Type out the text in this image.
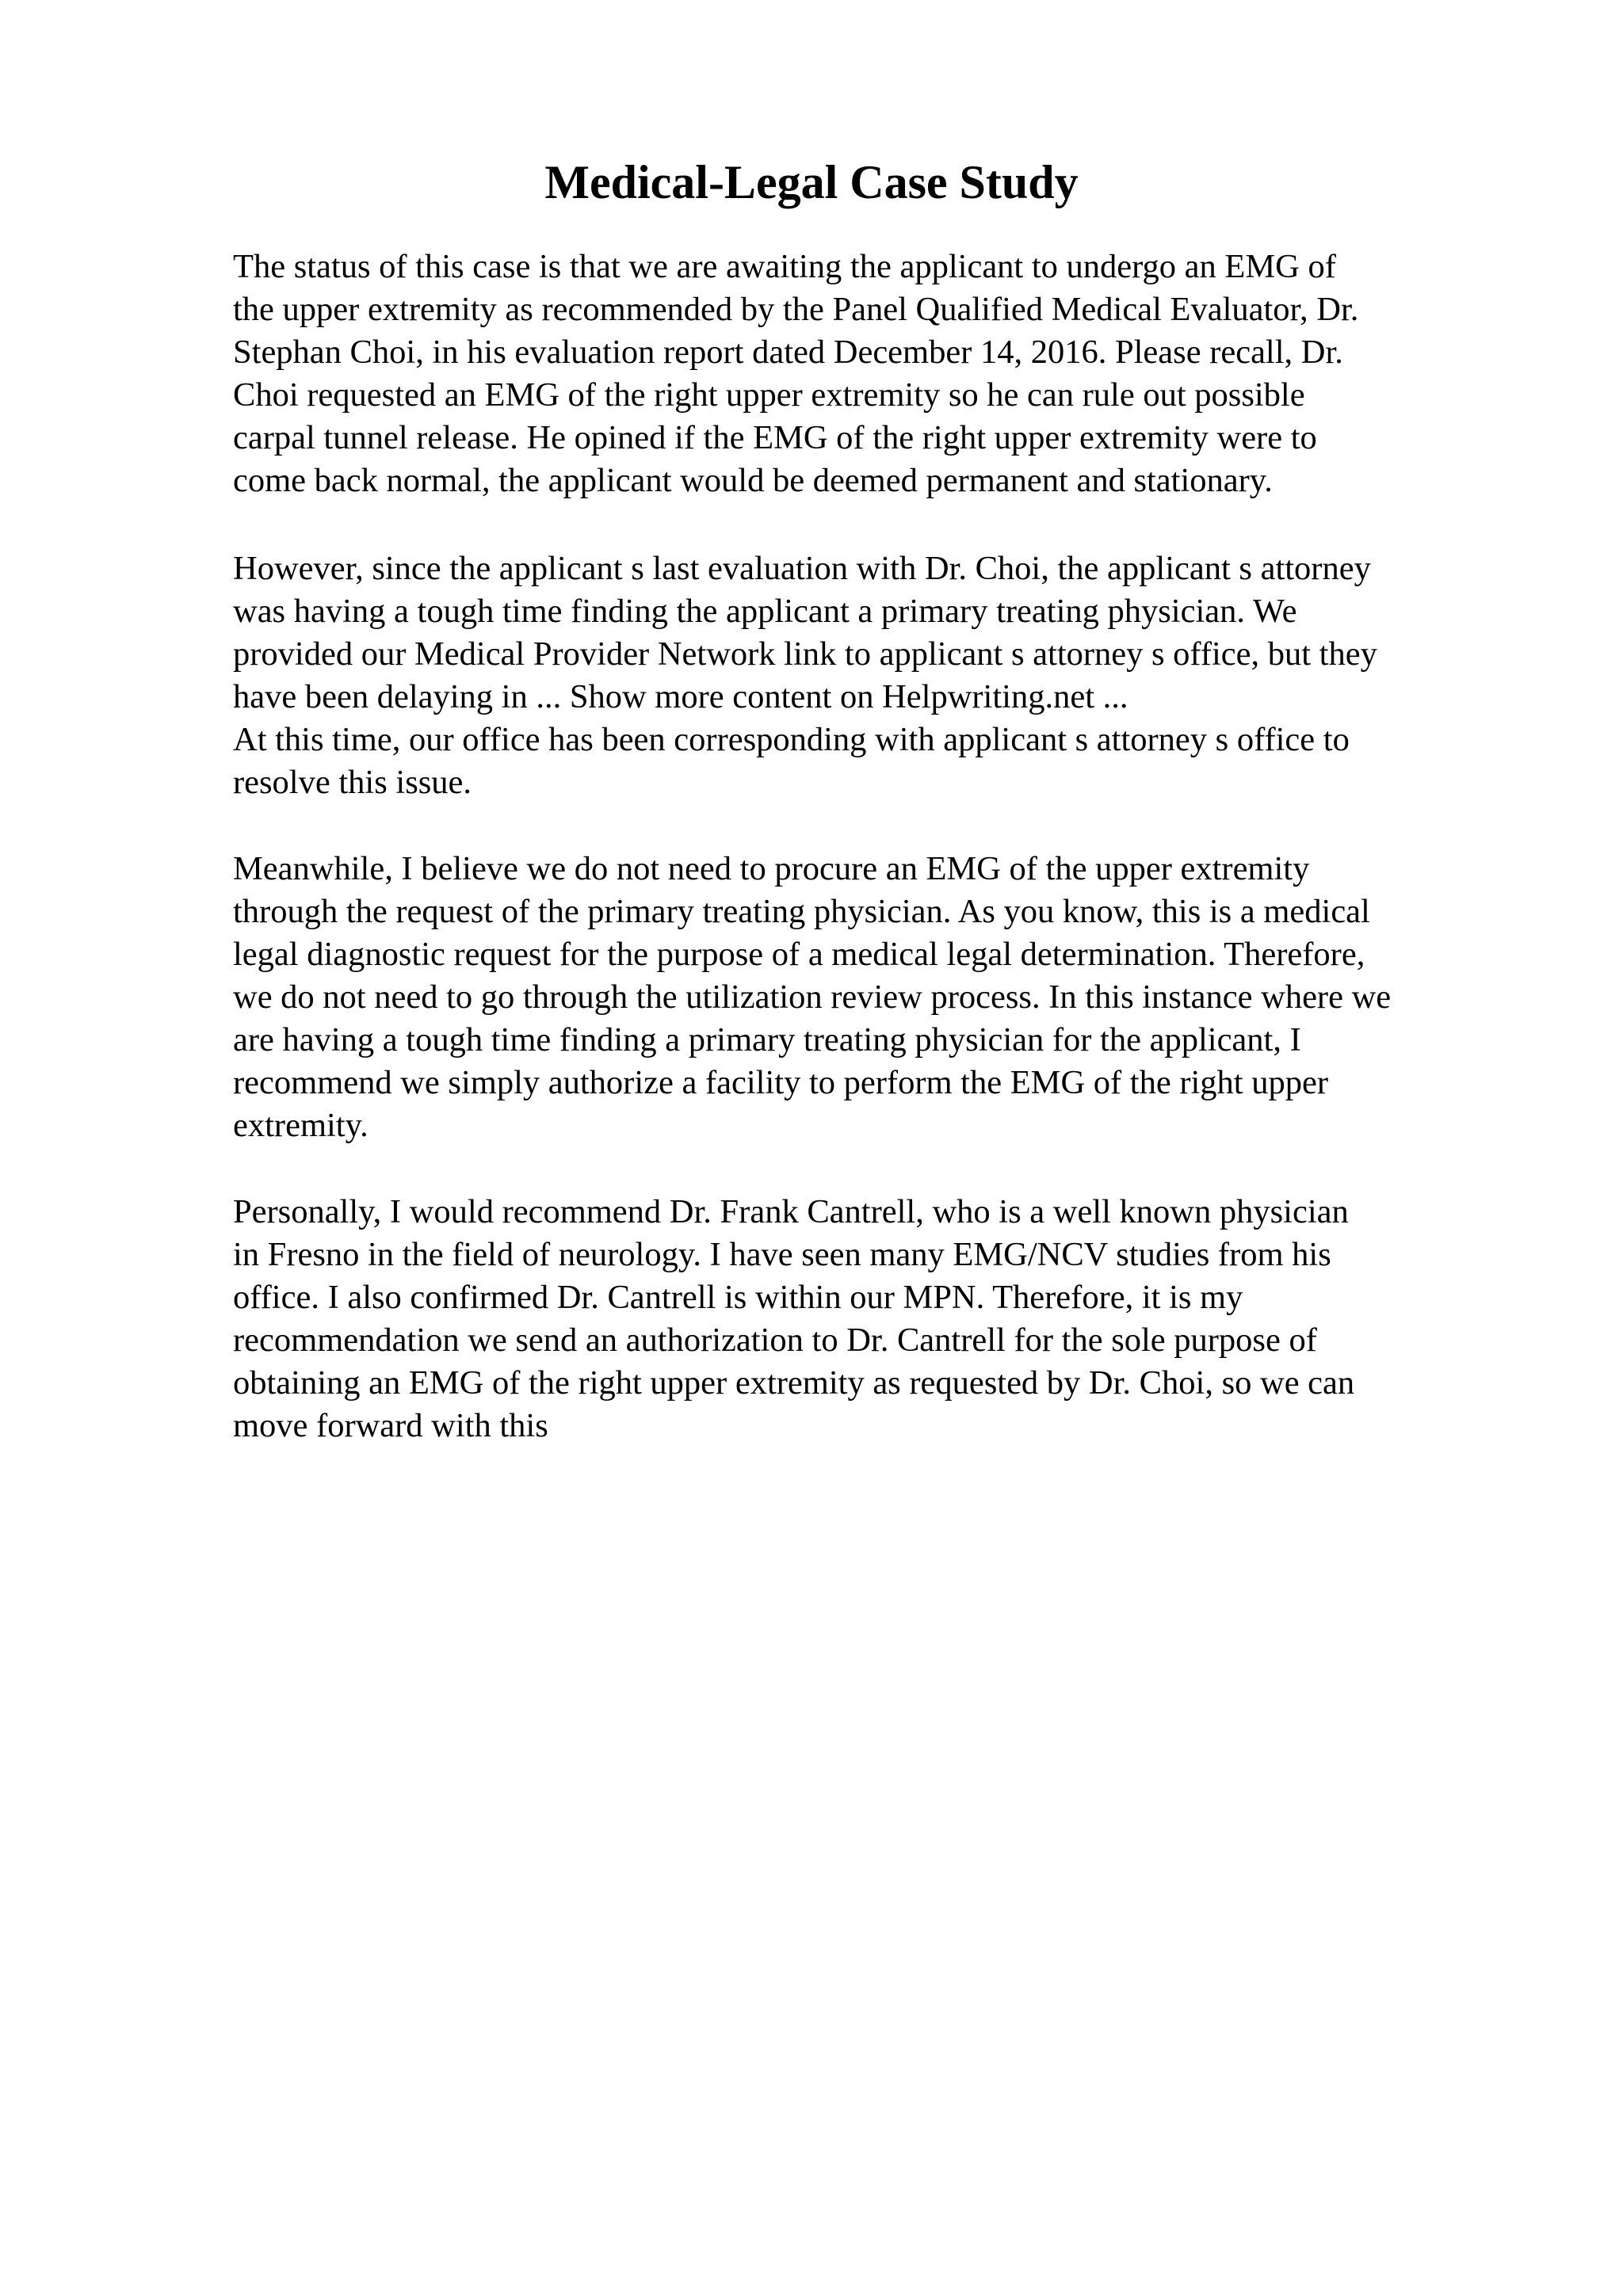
Medical-Legal Case Study

The status of this case is that we are awaiting the applicant to undergo an EMG of

the upper extremity as recommended by the Panel Qualified Medical Evaluator, Dr.

Stephan Choi, in his evaluation report dated December 14, 2016. Please recall, Dr.

Choi requested an EMG of the right upper extremity so he can rule out possible

carpal tunnel release. He opined if the EMG of the right upper extremity were to

come back normal, the applicant would be deemed permanent and stationary.

However, since the applicant s last evaluation with Dr. Choi, the applicant s attorney

was having a tough time finding the applicant a primary treating physician. We

provided our Medical Provider Network link to applicant s attorney s office, but they

have been delaying in ... Show more content on Helpwriting.net ...

At this time, our office has been corresponding with applicant s attorney s office to

resolve this issue.

Meanwhile, I believe we do not need to procure an EMG of the upper extremity

through the request of the primary treating physician. As you know, this is a medical

legal diagnostic request for the purpose of a medical legal determination. Therefore,

we do not need to go through the utilization review process. In this instance where we

are having a tough time finding a primary treating physician for the applicant, I

recommend we simply authorize a facility to perform the EMG of the right upper

extremity.

Personally, I would recommend Dr. Frank Cantrell, who is a well known physician

in Fresno in the field of neurology. I have seen many EMG/NCV studies from his

office. I also confirmed Dr. Cantrell is within our MPN. Therefore, it is my

recommendation we send an authorization to Dr. Cantrell for the sole purpose of

obtaining an EMG of the right upper extremity as requested by Dr. Choi, so we can

move forward with this
